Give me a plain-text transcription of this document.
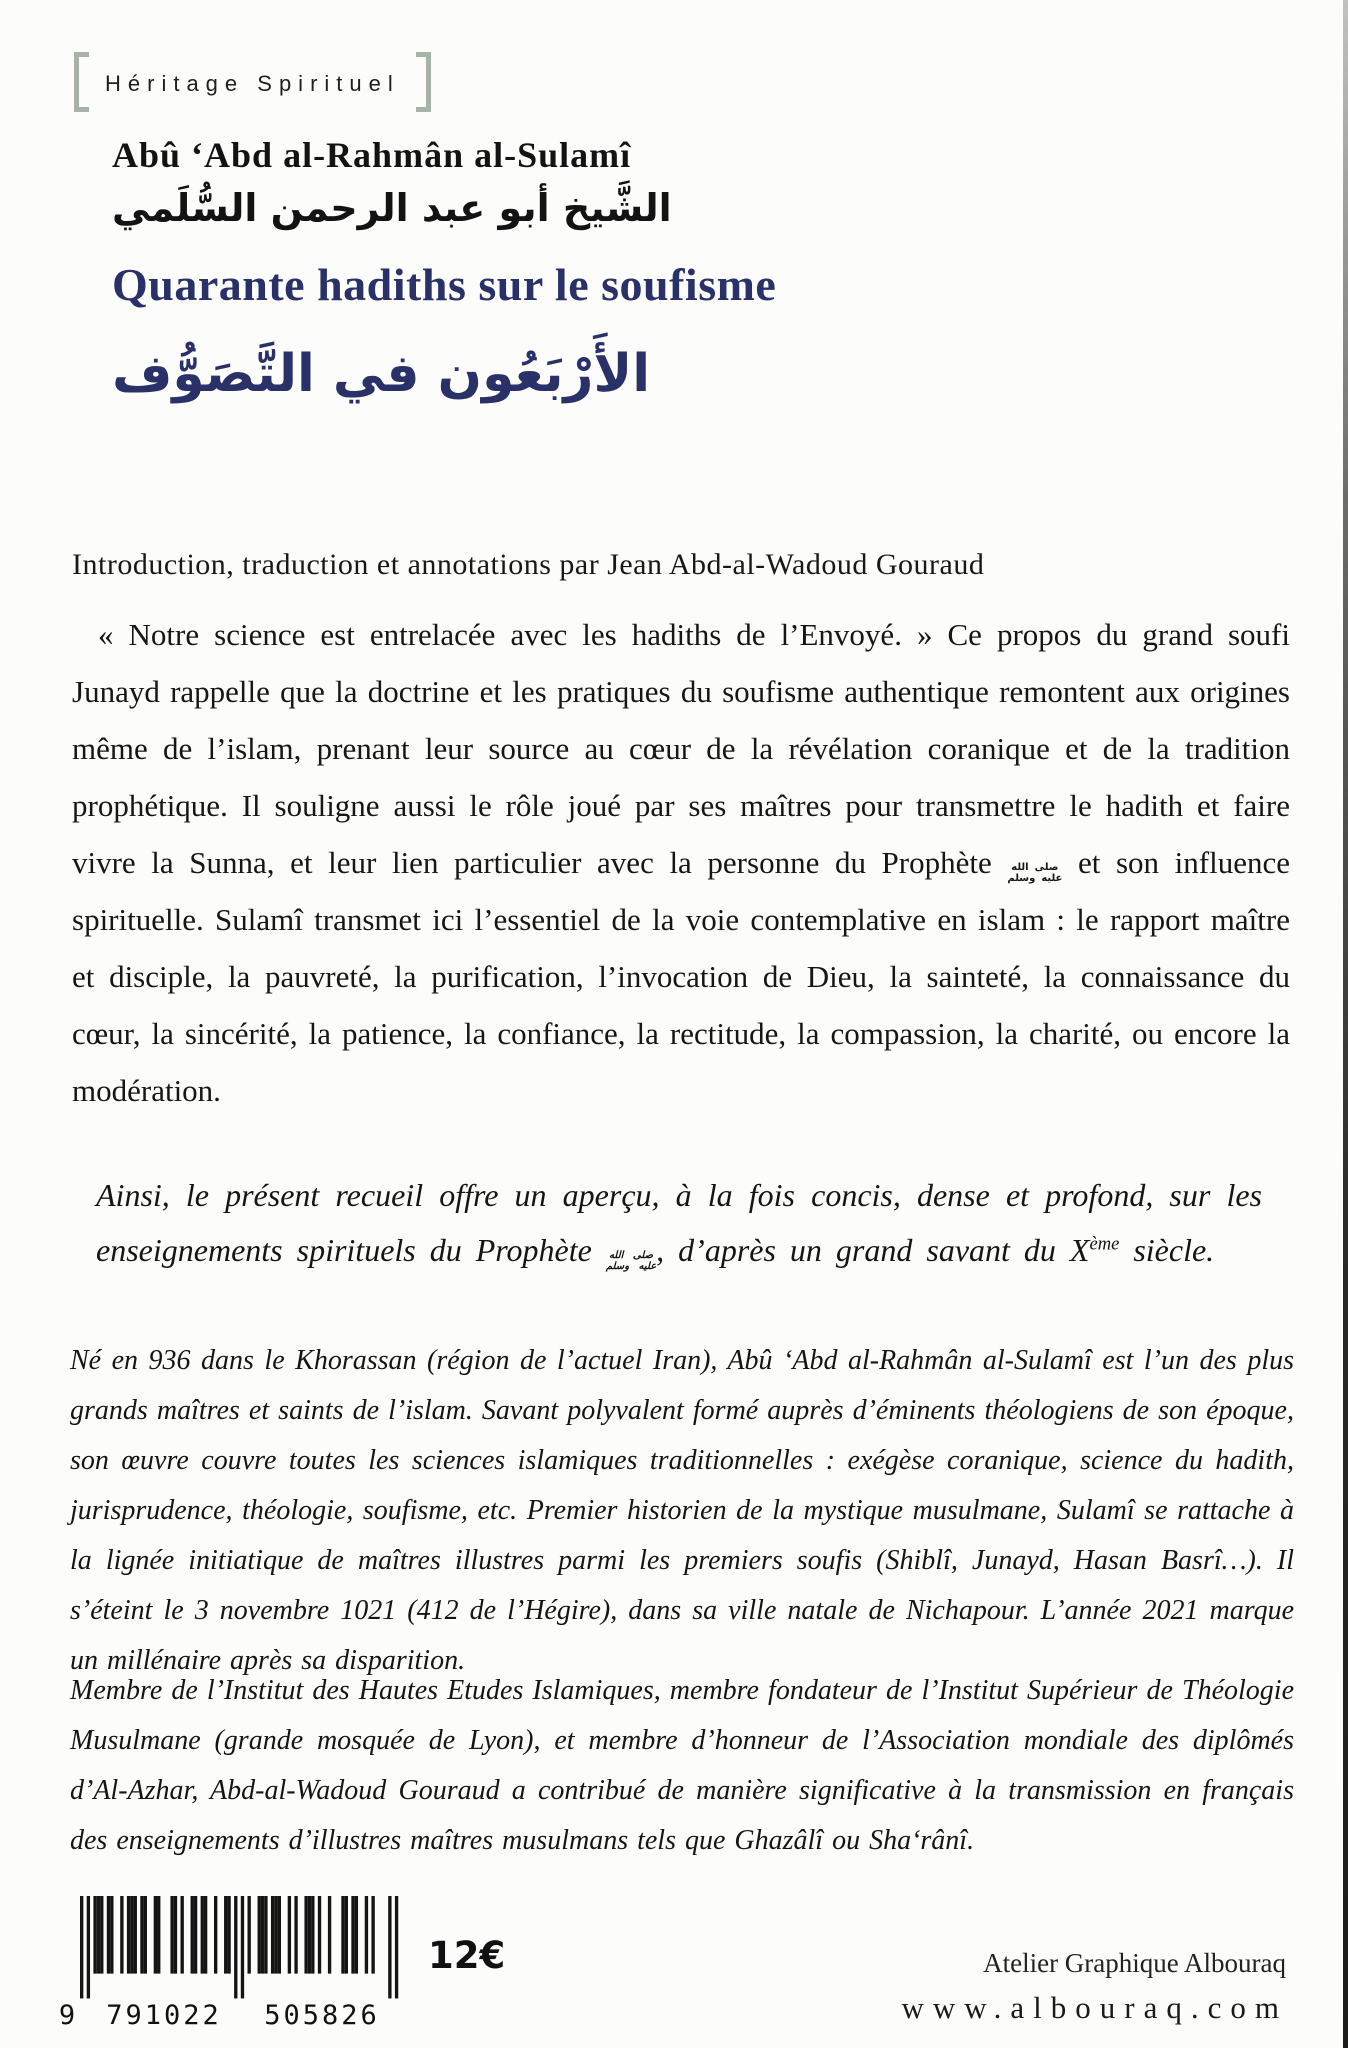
Héritage Spirituel
Abû ‘Abd al-Rahmân al-Sulamî
الشَّيخ أبو عبد الرحمن السُّلَمي
Quarante hadiths sur le soufisme
الأَرْبَعُون في التَّصَوُّف
Introduction, traduction et annotations par Jean Abd-al-Wadoud Gouraud

« Notre science est entrelacée avec les hadiths de l’Envoyé. » Ce propos du grand soufi Junayd rappelle que la doctrine et les pratiques du soufisme authentique remontent aux origines même de l’islam, prenant leur source au cœur de la révélation coranique et de la tradition prophétique. Il souligne aussi le rôle joué par ses maîtres pour transmettre le hadith et faire vivre la Sunna, et leur lien particulier avec la personne du Prophète صلى الله
عليه وسلم et son influence spirituelle. Sulamî transmet ici l’essentiel de la voie contemplative en islam : le rapport maître et disciple, la pauvreté, la purification, l’invocation de Dieu, la sainteté, la connaissance du cœur, la sincérité, la patience, la confiance, la rectitude, la compassion, la charité, ou encore la modération.

Ainsi, le présent recueil offre un aperçu, à la fois concis, dense et profond, sur les enseignements spirituels du Prophète صلى الله
عليه وسلم, d’après un grand savant du Xème siècle.

Né en 936 dans le Khorassan (région de l’actuel Iran), Abû ‘Abd al-Rahmân al-Sulamî est l’un des plus grands maîtres et saints de l’islam. Savant polyvalent formé auprès d’éminents théologiens de son époque, son œuvre couvre toutes les sciences islamiques traditionnelles : exégèse coranique, science du hadith, jurisprudence, théologie, soufisme, etc. Premier historien de la mystique musulmane, Sulamî se rattache à la lignée initiatique de maîtres illustres parmi les premiers soufis (Shiblî, Junayd, Hasan Basrî…). Il s’éteint le 3 novembre 1021 (412 de l’Hégire), dans sa ville natale de Nichapour. L’année 2021 marque un millénaire après sa disparition.

Membre de l’Institut des Hautes Etudes Islamiques, membre fondateur de l’Institut Supérieur de Théologie Musulmane (grande mosquée de Lyon), et membre d’honneur de l’Association mondiale des diplômés d’Al-Azhar, Abd-al-Wadoud Gouraud a contribué de manière significative à la transmission en français des enseignements d’illustres maîtres musulmans tels que Ghazâlî ou Sha‘rânî.

9	791022	505826
12€	Atelier Graphique Albouraq
www.albouraq.com
